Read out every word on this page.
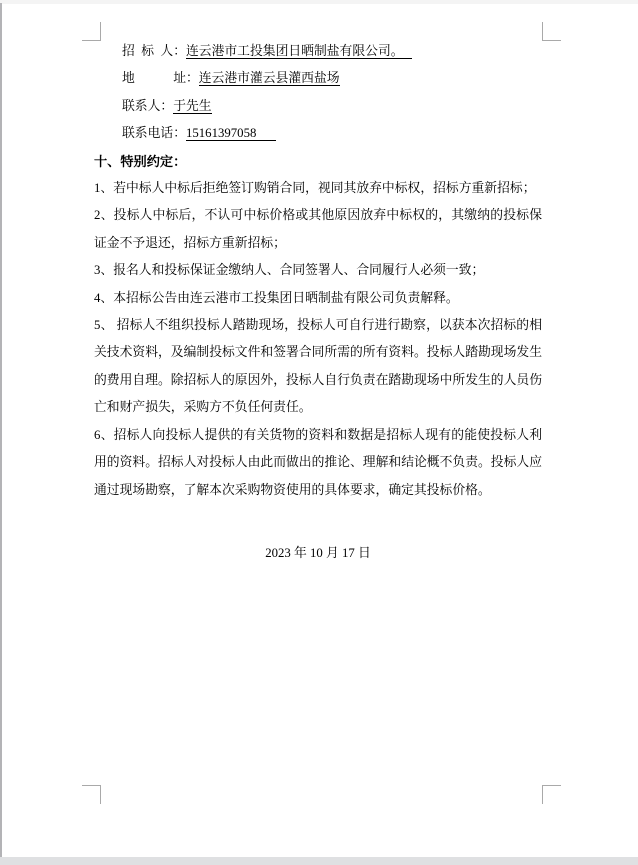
招  标  人：连云港市工投集团日晒制盐有限公司。
地　　　址：连云港市灌云县灌西盐场
联系人：于先生
联系电话：15161397058
十、特别约定：

1、若中标人中标后拒绝签订购销合同，视同其放弃中标权，招标方重新招标；

2、投标人中标后，不认可中标价格或其他原因放弃中标权的，其缴纳的投标保证金不予退还，招标方重新招标；

3、报名人和投标保证金缴纳人、合同签署人、合同履行人必须一致；

4、本招标公告由连云港市工投集团日晒制盐有限公司负责解释。

5、 招标人不组织投标人踏勘现场，投标人可自行进行勘察，以获本次招标的相关技术资料，及编制投标文件和签署合同所需的所有资料。投标人踏勘现场发生的费用自理。除招标人的原因外，投标人自行负责在踏勘现场中所发生的人员伤亡和财产损失，采购方不负任何责任。

6、招标人向投标人提供的有关货物的资料和数据是招标人现有的能使投标人利用的资料。招标人对投标人由此而做出的推论、理解和结论概不负责。投标人应通过现场勘察，了解本次采购物资使用的具体要求，确定其投标价格。

2023 年 10 月 17 日
